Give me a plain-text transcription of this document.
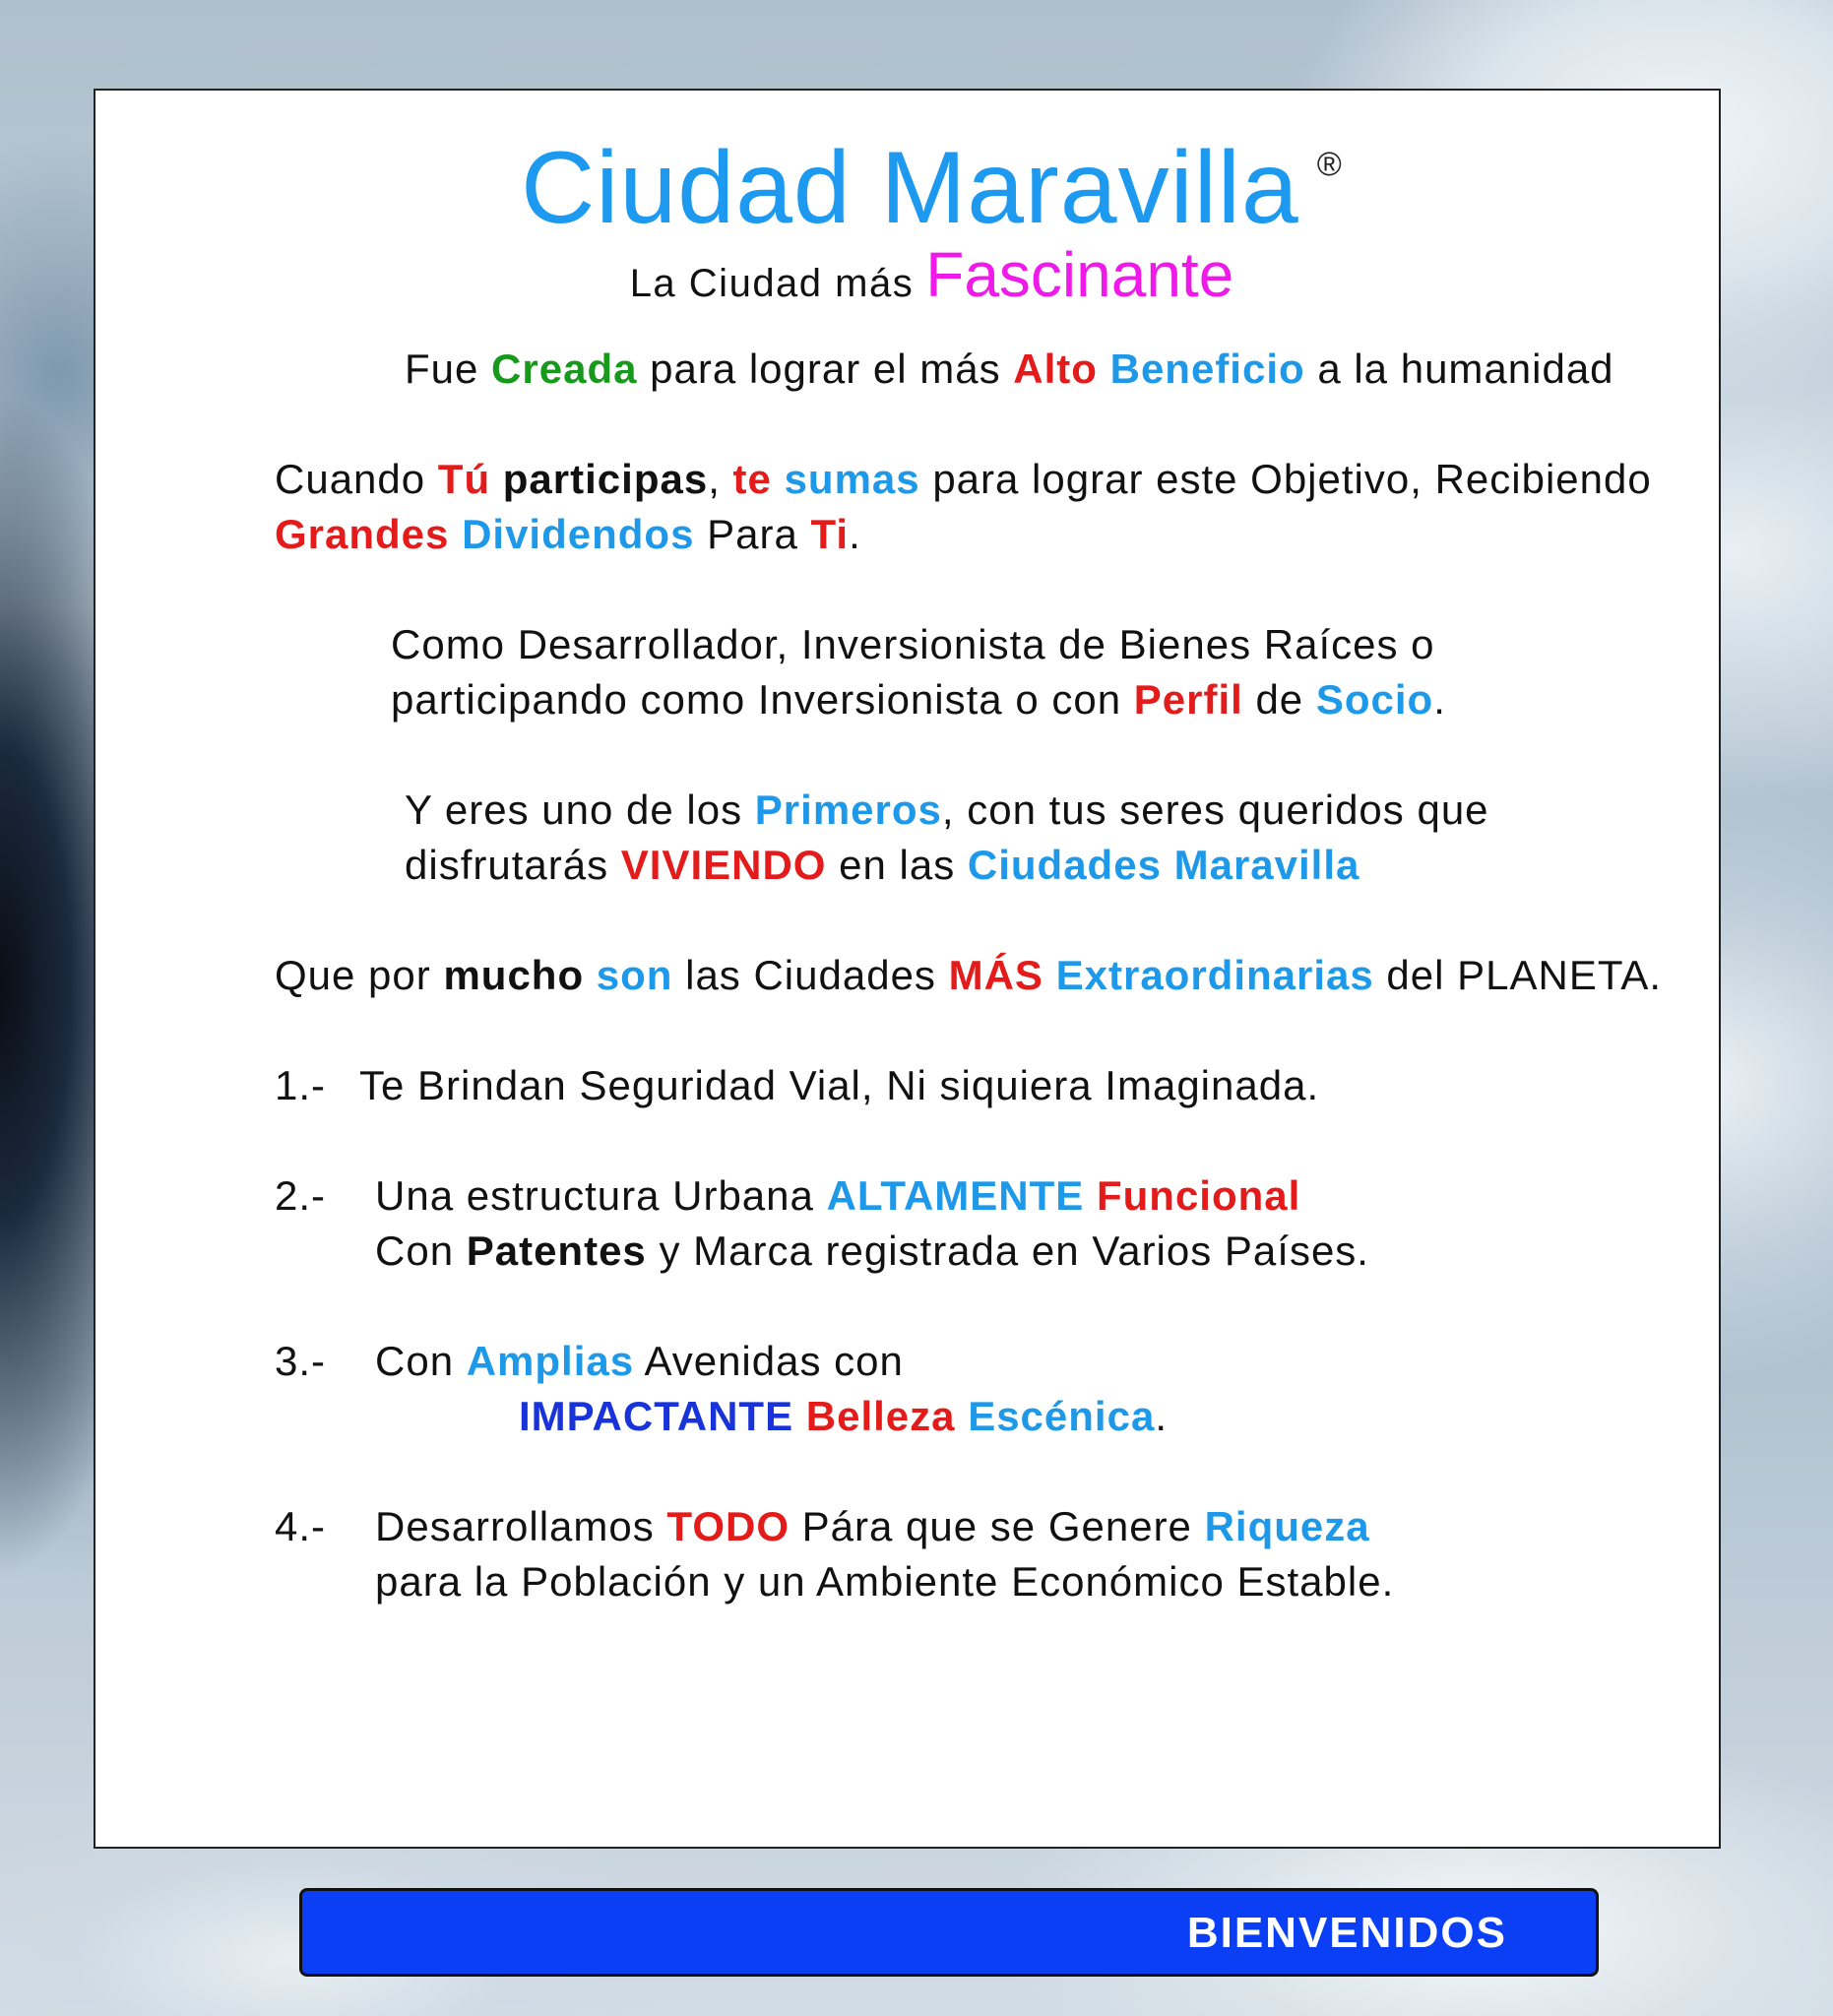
Ciudad Maravilla ®
La Ciudad más Fascinante

Fue Creada para lograr el más Alto Beneficio a la humanidad

Cuando Tú participas, te sumas para lograr este Objetivo, Recibiendo Grandes Dividendos Para Ti.

Como Desarrollador, Inversionista de Bienes Raíces o participando como Inversionista o con Perfil de Socio.

Y eres uno de los Primeros, con tus seres queridos que disfrutarás VIVIENDO en las Ciudades Maravilla

Que por mucho son las Ciudades MÁS Extraordinarias del PLANETA.

1.- Te Brindan Seguridad Vial, Ni siquiera Imaginada.
2.- Una estructura Urbana ALTAMENTE Funcional
Con Patentes y Marca registrada en Varios Países.
3.- Con Amplias Avenidas con
IMPACTANTE Belleza Escénica.
4.- Desarrollamos TODO Pára que se Genere Riqueza
para la Población y un Ambiente Económico Estable.
BIENVENIDOS
